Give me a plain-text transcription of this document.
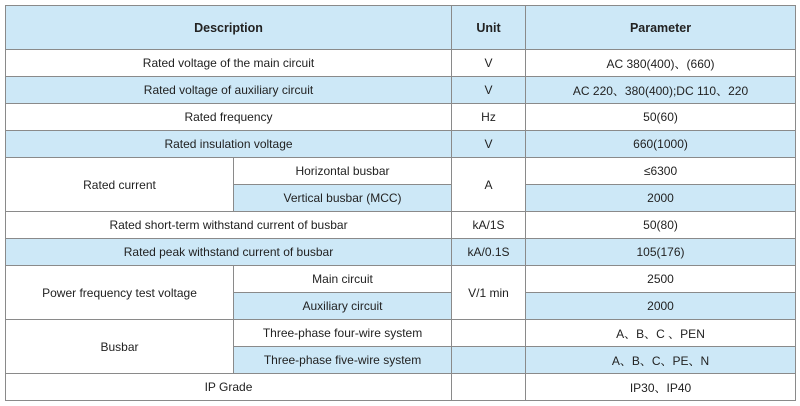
Description		Unit	Parameter
Rated voltage of the main circuit		V	AC 380(400)、(660)
Rated voltage of auxiliary circuit		V	AC 220、380(400);DC 110、220
Rated frequency		Hz	50(60)
Rated insulation voltage		V	660(1000)
Rated current	Horizontal busbar	A	≤6300
	Vertical busbar (MCC)		2000
Rated short-term withstand current of busbar		kA/1S	50(80)
Rated peak withstand current of busbar		kA/0.1S	105(176)
Power frequency test voltage	Main circuit	V/1 min	2500
	Auxiliary circuit		2000
Busbar	Three-phase four-wire system		A、B、C 、PEN
	Three-phase five-wire system		A、B、C、PE、N
IP Grade			IP30、IP40
